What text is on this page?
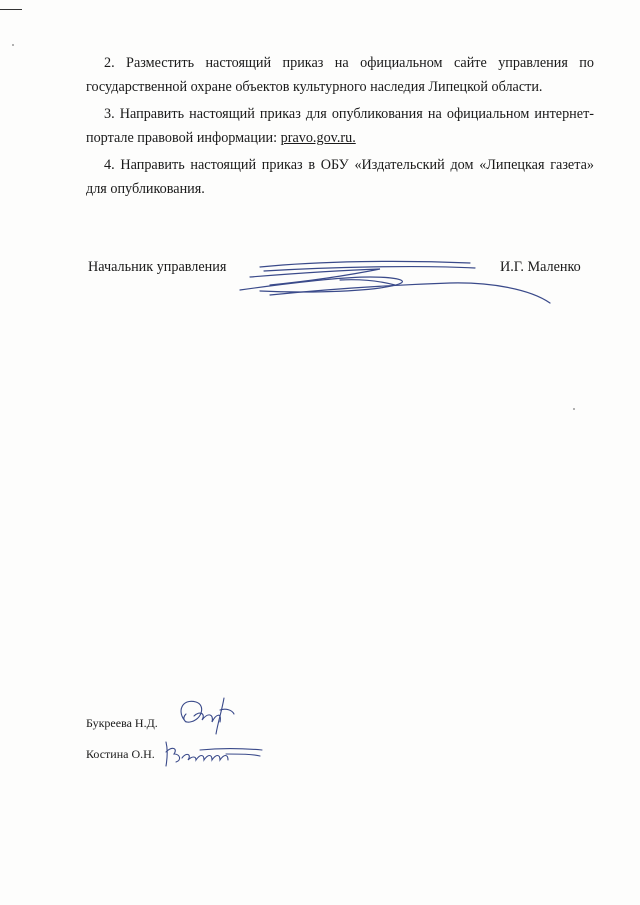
2. Разместить настоящий приказ на официальном сайте управления по государственной охране объектов культурного наследия Липецкой области.

3. Направить настоящий приказ для опубликования на официальном интернет-портале правовой информации: pravo.gov.ru.

4. Направить настоящий приказ в ОБУ «Издательский дом «Липецкая газета» для опубликования.

Начальник управления	И.Г. Маленко
Букреева Н.Д.
Костина О.Н.
